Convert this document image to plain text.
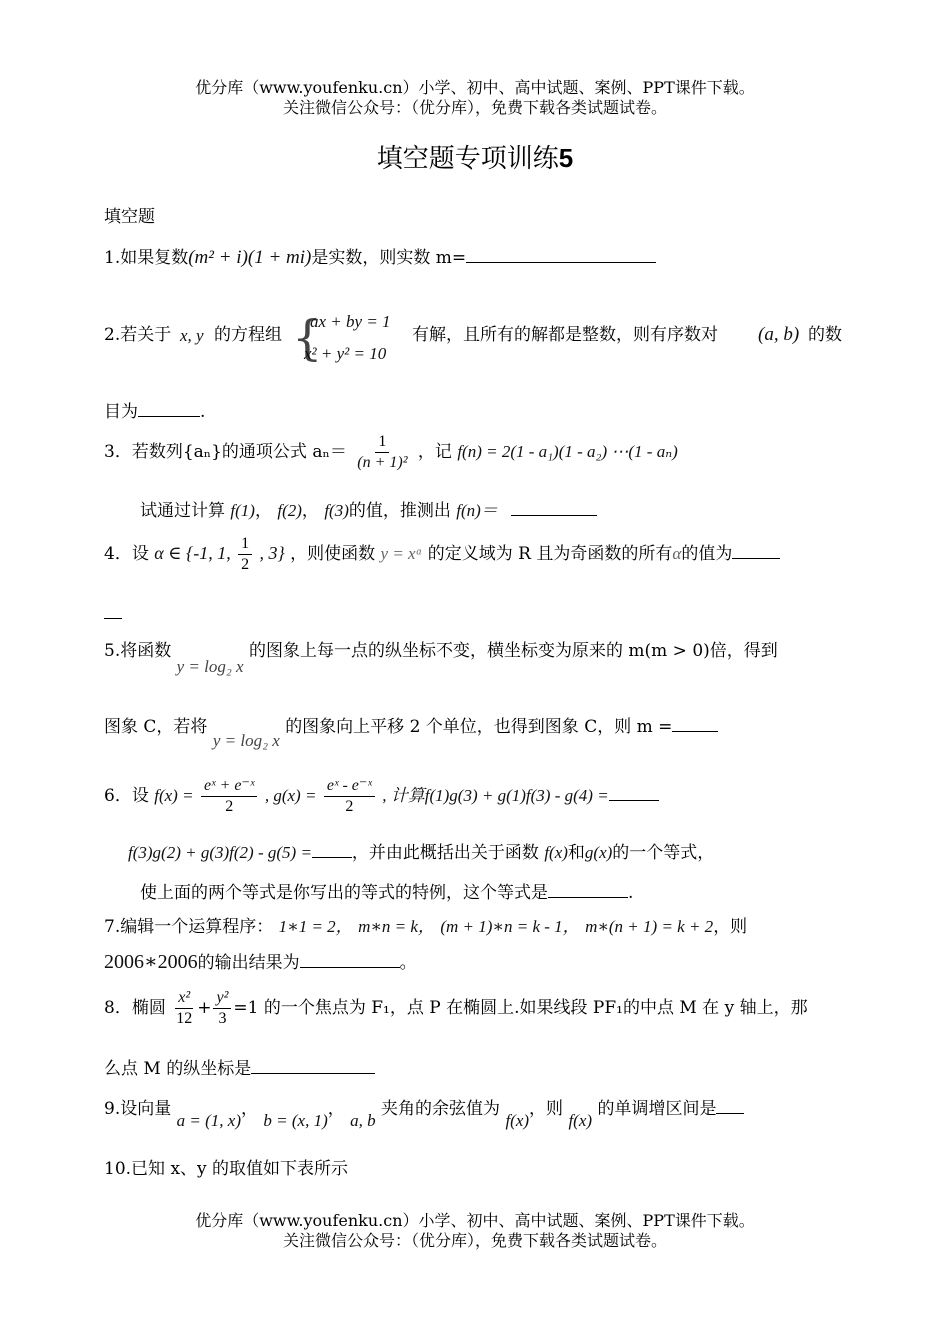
优分库（www.youfenku.cn）小学、初中、高中试题、案例、PPT课件下载。
关注微信公众号：（优分库），免费下载各类试题试卷。
填空题专项训练5
填空题
1.如果复数(m² + i)(1 + mi)是实数，则实数 m=
2.若关于 x, y 的方程组 {
ax + by = 1
x² + y² = 10
有解，且所有的解都是整数，则有序数对 (a, b) 的数
目为	.
3．若数列{aₙ}的通项公式 $a_n= \frac{1}{\text{(n + 1)²}}$ ，记 f(n) = 2(1 - a₁)(1 - a₂) ⋯(1 - aₙ)
试通过计算 f(1)， f(2)， f(3)的值，推测出 f(n)＝
4．设 α ∈ {-1, 1, $\frac{1}{2}$ , 3} ，则使函数 y = xᵅ 的定义域为 R 且为奇函数的所有α的值为
5.将函数 y = log₂ x 的图象上每一点的纵坐标不变，横坐标变为原来的 m(m > 0)倍，得到
图象 C，若将 y = log₂ x 的图象向上平移 2 个单位，也得到图象 C，则 m =
6．设 $f(x) = \frac{\text{eˣ + e⁻ˣ}}{2}$ , $g(x) = \frac{\text{eˣ - e⁻ˣ}}{2}$ , 计算f(1)g(3) + g(1)f(3) - g(4) =
f(3)g(2) + g(3)f(2) - g(5) = ，并由此概括出关于函数 f(x)和g(x)的一个等式，
使上面的两个等式是你写出的等式的特例，这个等式是	.
7.编辑一个运算程序： 1∗1 = 2， m∗n = k， (m + 1)∗n = k - 1， m∗(n + 1) = k + 2，则
2006∗2006的输出结果为	。
8．椭圆 $\frac{\text{x²}}{12} + \frac{\text{y²}}{3} =1$ 的一个焦点为 F₁，点 P 在椭圆上.如果线段 PF₁的中点 M 在 y 轴上，那
么点 M 的纵坐标是
9.设向量 a = (1, x)， b = (x, 1)， a, b 夹角的余弦值为 f(x)，则 f(x) 的单调增区间是
10.已知 x、y 的取值如下表所示
优分库（www.youfenku.cn）小学、初中、高中试题、案例、PPT课件下载。
关注微信公众号：（优分库），免费下载各类试题试卷。
